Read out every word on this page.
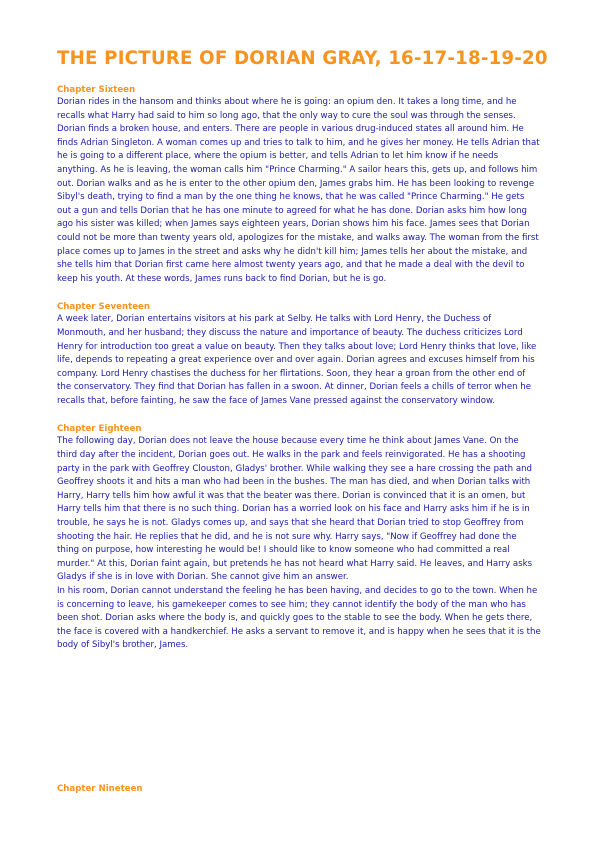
THE PICTURE OF DORIAN GRAY, 16-17-18-19-20
Chapter Sixteen

Dorian rides in the hansom and thinks about where he is going: an opium den. It takes a long time, and he recalls what Harry had said to him so long ago, that the only way to cure the soul was through the senses. Dorian finds a broken house, and enters. There are people in various drug-induced states all around him. He finds Adrian Singleton. A woman comes up and tries to talk to him, and he gives her money. He tells Adrian that he is going to a different place, where the opium is better, and tells Adrian to let him know if he needs anything. As he is leaving, the woman calls him "Prince Charming." A sailor hears this, gets up, and follows him out. Dorian walks and as he is enter to the other opium den, James grabs him. He has been looking to revenge Sibyl's death, trying to find a man by the one thing he knows, that he was called "Prince Charming." He gets out a gun and tells Dorian that he has one minute to agreed for what he has done. Dorian asks him how long ago his sister was killed; when James says eighteen years, Dorian shows him his face. James sees that Dorian could not be more than twenty years old, apologizes for the mistake, and walks away. The woman from the first place comes up to James in the street and asks why he didn't kill him; James tells her about the mistake, and she tells him that Dorian first came here almost twenty years ago, and that he made a deal with the devil to keep his youth. At these words, James runs back to find Dorian, but he is go.

Chapter Seventeen

A week later, Dorian entertains visitors at his park at Selby. He talks with Lord Henry, the Duchess of Monmouth, and her husband; they discuss the nature and importance of beauty. The duchess criticizes Lord Henry for introduction too great a value on beauty. Then they talks about love; Lord Henry thinks that love, like life, depends to repeating a great experience over and over again. Dorian agrees and excuses himself from his company. Lord Henry chastises the duchess for her flirtations. Soon, they hear a groan from the other end of the conservatory. They find that Dorian has fallen in a swoon. At dinner, Dorian feels a chills of terror when he recalls that, before fainting, he saw the face of James Vane pressed against the conservatory window.

Chapter Eighteen

The following day, Dorian does not leave the house because every time he think about James Vane. On the third day after the incident, Dorian goes out. He walks in the park and feels reinvigorated. He has a shooting party in the park with Geoffrey Clouston, Gladys' brother. While walking they see a hare crossing the path and Geoffrey shoots it and hits a man who had been in the bushes. The man has died, and when Dorian talks with Harry, Harry tells him how awful it was that the beater was there. Dorian is convinced that it is an omen, but Harry tells him that there is no such thing. Dorian has a worried look on his face and Harry asks him if he is in trouble, he says he is not. Gladys comes up, and says that she heard that Dorian tried to stop Geoffrey from shooting the hair. He replies that he did, and he is not sure why. Harry says, "Now if Geoffrey had done the thing on purpose, how interesting he would be! I should like to know someone who had committed a real murder." At this, Dorian faint again, but pretends he has not heard what Harry said. He leaves, and Harry asks Gladys if she is in love with Dorian. She cannot give him an answer.

In his room, Dorian cannot understand the feeling he has been having, and decides to go to the town. When he is concerning to leave, his gamekeeper comes to see him; they cannot identify the body of the man who has been shot. Dorian asks where the body is, and quickly goes to the stable to see the body. When he gets there, the face is covered with a handkerchief. He asks a servant to remove it, and is happy when he sees that it is the body of Sibyl's brother, James.

Chapter Nineteen
